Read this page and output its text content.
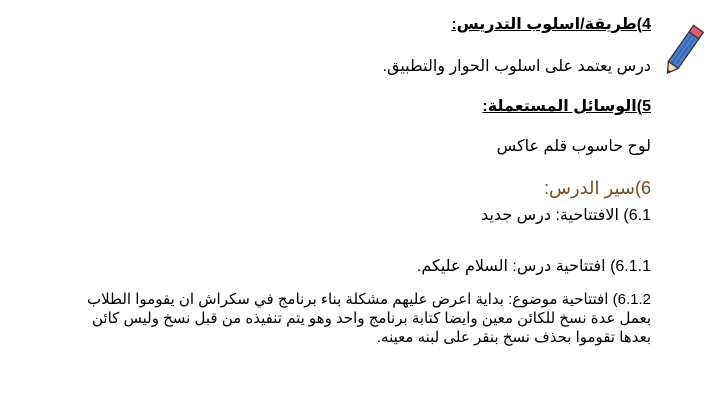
4)طريقة/اسلوب التدريس:
درس يعتمد على اسلوب الحوار والتطبيق.
5)الوسائل المستعملة:
لوح حاسوب قلم عاكس
6)سير الدرس:
6.1) الافتتاحية: درس جديد
6.1.1) افتتاحية درس: السلام عليكم.
6.1.2) افتتاحية موضوع: بداية اعرض عليهم مشكلة بناء برنامج في سكراش ان يقوموا الطلاب بعمل عدة نسخ للكائن معين وايضا كتابة برنامج واحد وهو يتم تنفيذه من قبل نسخ وليس كائن بعدها تقوموا بحذف نسخ بنقر على لبنه معينه.
